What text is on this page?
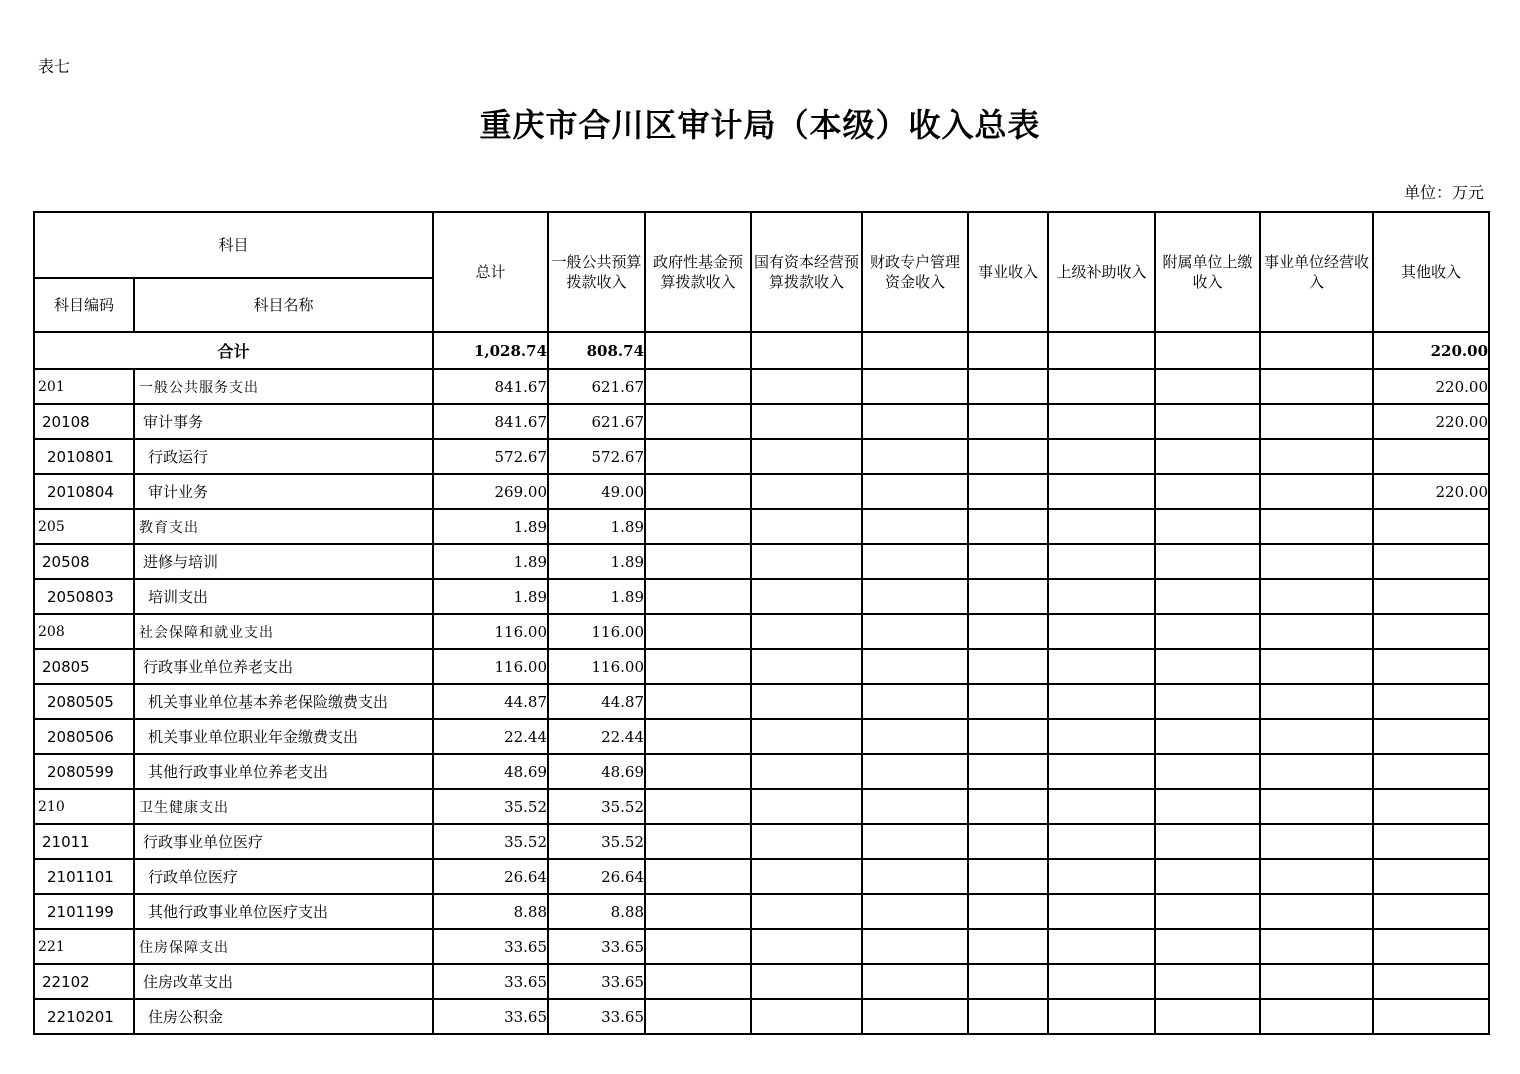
表七
重庆市合川区审计局（本级）收入总表
单位：万元
科目		总计	一般公共预算拨款收入	政府性基金预算拨款收入	国有资本经营预算拨款收入	财政专户管理资金收入	事业收入	上级补助收入	附属单位上缴收入	事业单位经营收入	其他收入
科目编码	科目名称										
合计		1,028.74	808.74								220.00
201	一般公共服务支出	841.67	621.67								220.00
20108	审计事务	841.67	621.67								220.00
2010801	行政运行	572.67	572.67								
2010804	审计业务	269.00	49.00								220.00
205	教育支出	1.89	1.89								
20508	进修与培训	1.89	1.89								
2050803	培训支出	1.89	1.89								
208	社会保障和就业支出	116.00	116.00								
20805	行政事业单位养老支出	116.00	116.00								
2080505	机关事业单位基本养老保险缴费支出	44.87	44.87								
2080506	机关事业单位职业年金缴费支出	22.44	22.44								
2080599	其他行政事业单位养老支出	48.69	48.69								
210	卫生健康支出	35.52	35.52								
21011	行政事业单位医疗	35.52	35.52								
2101101	行政单位医疗	26.64	26.64								
2101199	其他行政事业单位医疗支出	8.88	8.88								
221	住房保障支出	33.65	33.65								
22102	住房改革支出	33.65	33.65								
2210201	住房公积金	33.65	33.65								
